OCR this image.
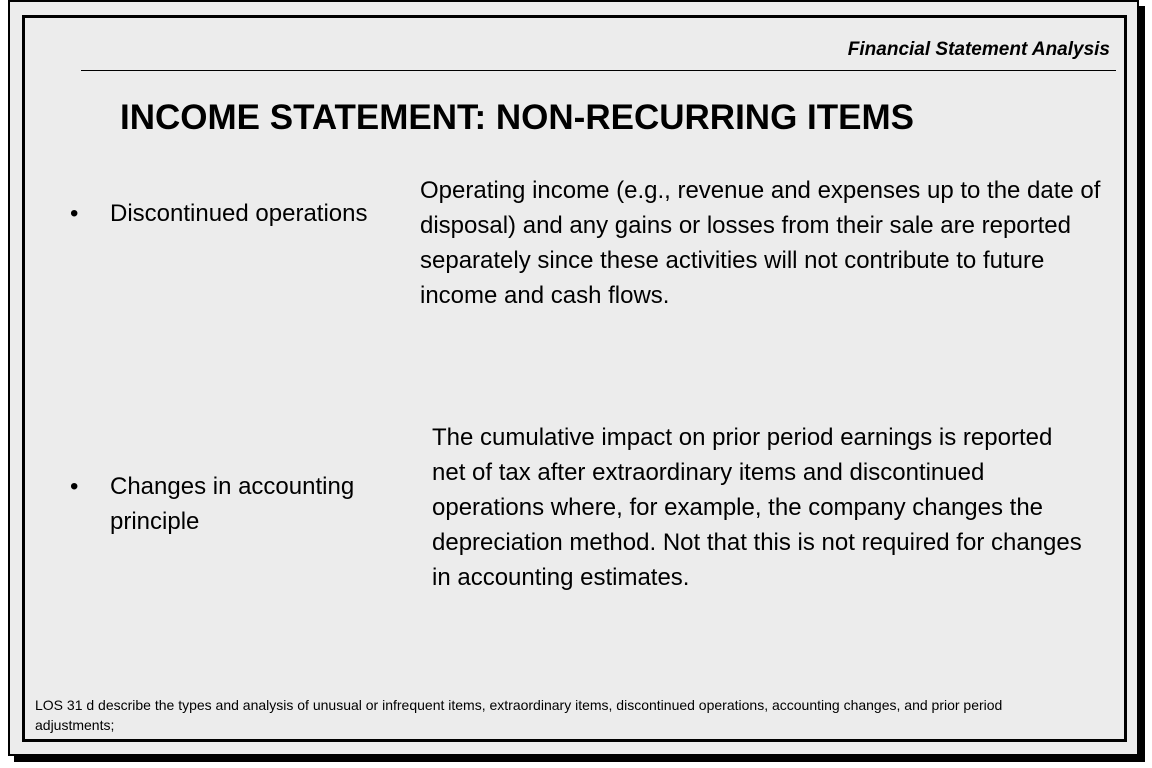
Financial Statement Analysis
INCOME STATEMENT: NON-RECURRING ITEMS
• Discontinued operations
Operating income (e.g., revenue and expenses up to the date of disposal) and any gains or losses from their sale are reported separately since these activities will not contribute to future income and cash flows.
• Changes in accounting principle
The cumulative impact on prior period earnings is reported net of tax after extraordinary items and discontinued operations where, for example, the company changes the depreciation method. Not that this is not required for changes in accounting estimates.
LOS 31 d describe the types and analysis of unusual or infrequent items, extraordinary items, discontinued operations, accounting changes, and prior period adjustments;
